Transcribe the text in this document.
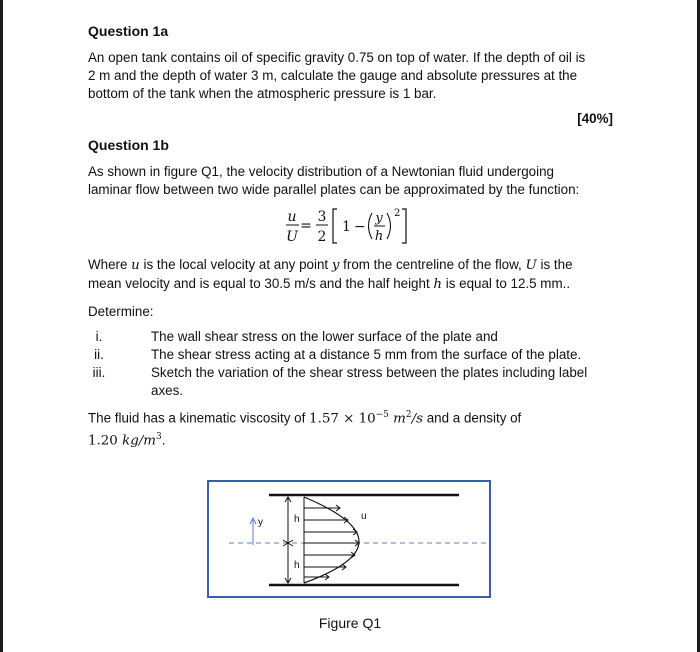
Question 1a
An open tank contains oil of specific gravity 0.75 on top of water. If the depth of oil is
2 m and the depth of water 3 m, calculate the gauge and absolute pressures at the
bottom of the tank when the atmospheric pressure is 1 bar.
[40%]
Question 1b
As shown in figure Q1, the velocity distribution of a Newtonian fluid undergoing
laminar flow between two wide parallel plates can be approximated by the function:
u
U
=
3
2
1 −
y
h
2
Where u is the local velocity at any point y from the centreline of the flow, U is the
mean velocity and is equal to 30.5 m/s and the half height h is equal to 12.5 mm..
Determine:
i.	The wall shear stress on the lower surface of the plate and
ii.	The shear stress acting at a distance 5 mm from the surface of the plate.
iii.	Sketch the variation of the shear stress between the plates including label
axes.
The fluid has a kinematic viscosity of $1.57 \times 10^{-5}$ $m^2/s$ and a density of
1.20 $kg/m^3$.
y	h
h
u
Figure Q1
